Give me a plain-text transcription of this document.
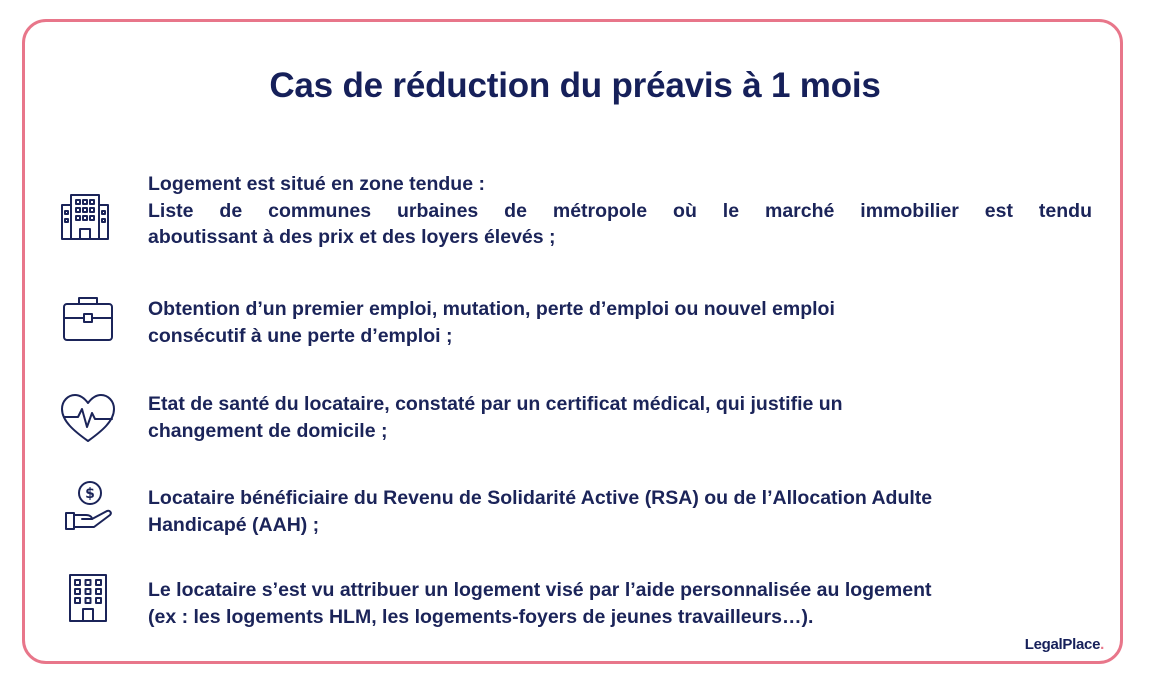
Cas de réduction du préavis à 1 mois
Logement est situé en zone tendue :
Liste de communes urbaines de métropole où le marché immobilier est tendu
aboutissant à des prix et des loyers élevés ;
Obtention d’un premier emploi, mutation, perte d’emploi ou nouvel emploi
consécutif à une perte d’emploi ;
Etat de santé du locataire, constaté par un certificat médical, qui justifie un
changement de domicile ;
$	Locataire bénéficiaire du Revenu de Solidarité Active (RSA) ou de l’Allocation Adulte
Handicapé (AAH) ;
Le locataire s’est vu attribuer un logement visé par l’aide personnalisée au logement
(ex : les logements HLM, les logements-foyers de jeunes travailleurs…).
LegalPlace.
